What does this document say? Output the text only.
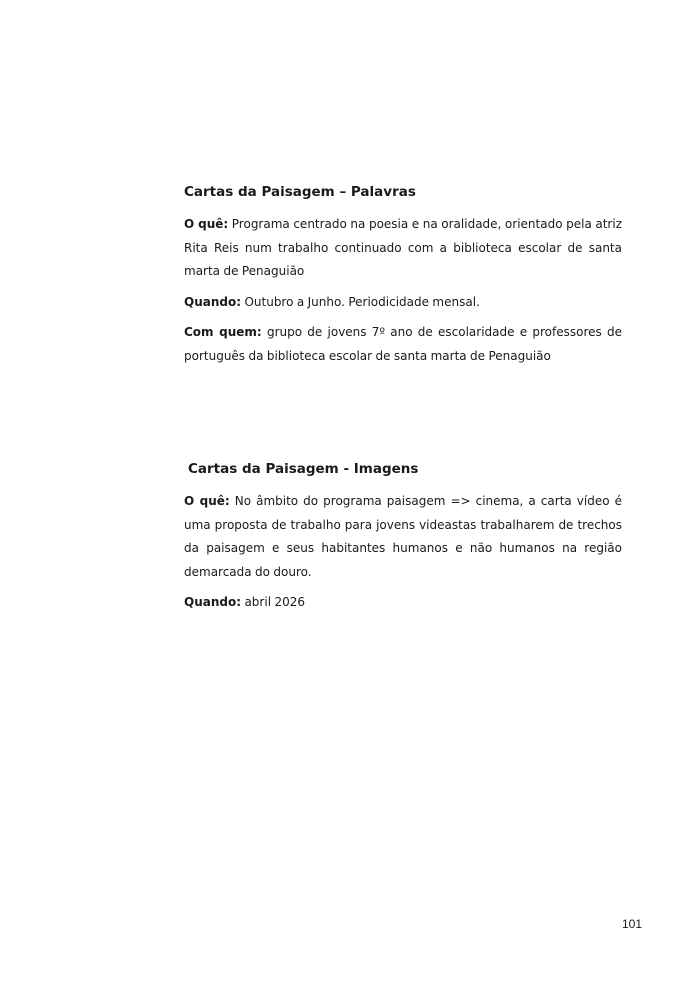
Cartas da Paisagem – Palavras

O quê: Programa centrado na poesia e na oralidade, orientado pela atriz Rita Reis num trabalho continuado com a biblioteca escolar de santa marta de Penaguião

Quando: Outubro a Junho. Periodicidade mensal.

Com quem: grupo de jovens 7º ano de escolaridade e professores de português da biblioteca escolar de santa marta de Penaguião

Cartas da Paisagem - Imagens

O quê: No âmbito do programa paisagem => cinema, a carta vídeo é uma proposta de trabalho para jovens videastas trabalharem de trechos da paisagem e seus habitantes humanos e não humanos na região demarcada do douro.

Quando: abril 2026

101
